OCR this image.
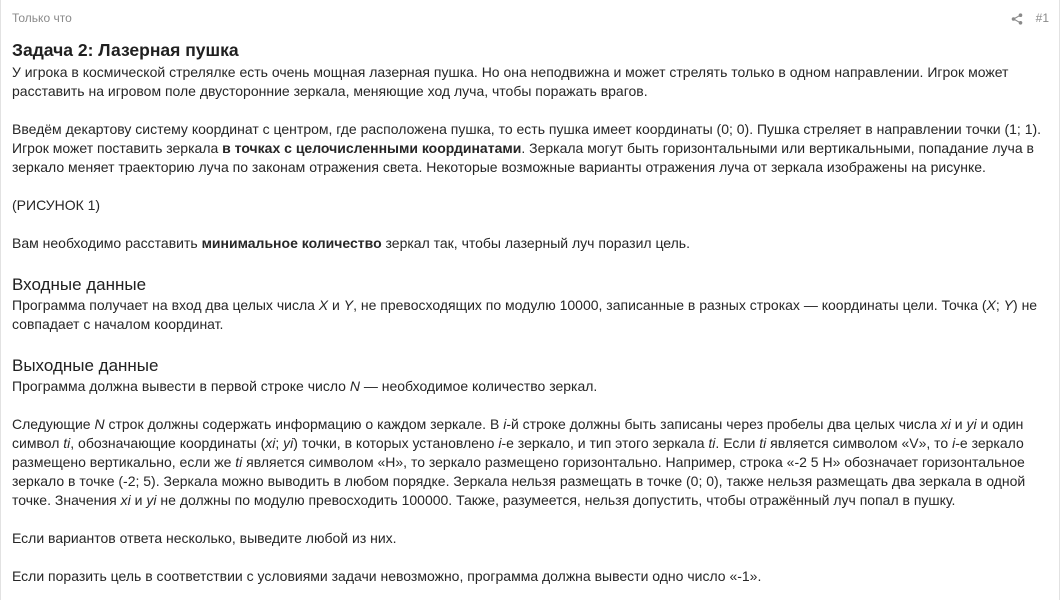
Только что	#1
Задача 2: Лазерная пушка

У игрока в космической стрелялке есть очень мощная лазерная пушка. Но она неподвижна и может стрелять только в одном направлении. Игрок может расставить на игровом поле двусторонние зеркала, меняющие ход луча, чтобы поражать врагов.

Введём декартову систему координат с центром, где расположена пушка, то есть пушка имеет координаты (0; 0). Пушка стреляет в направлении точки (1; 1). Игрок может поставить зеркала в точках с целочисленными координатами. Зеркала могут быть горизонтальными или вертикальными, попадание луча в зеркало меняет траекторию луча по законам отражения света. Некоторые возможные варианты отражения луча от зеркала изображены на рисунке.

(РИСУНОК 1)

Вам необходимо расставить минимальное количество зеркал так, чтобы лазерный луч поразил цель.

Входные данные

Программа получает на вход два целых числа X и Y, не превосходящих по модулю 10000, записанные в разных строках — координаты цели. Точка (X; Y) не совпадает с началом координат.

Выходные данные

Программа должна вывести в первой строке число N — необходимое количество зеркал.

Следующие N строк должны содержать информацию о каждом зеркале. В i-й строке должны быть записаны через пробелы два целых числа xi и yi и один символ ti, обозначающие координаты (xi; yi) точки, в которых установлено i-е зеркало, и тип этого зеркала ti. Если ti является символом «V», то i-е зеркало размещено вертикально, если же ti является символом «H», то зеркало размещено горизонтально. Например, строка «-2 5 H» обозначает горизонтальное зеркало в точке (-2; 5). Зеркала можно выводить в любом порядке. Зеркала нельзя размещать в точке (0; 0), также нельзя размещать два зеркала в одной точке. Значения xi и yi не должны по модулю превосходить 100000. Также, разумеется, нельзя допустить, чтобы отражённый луч попал в пушку.

Если вариантов ответа несколько, выведите любой из них.

Если поразить цель в соответствии с условиями задачи невозможно, программа должна вывести одно число «-1».
